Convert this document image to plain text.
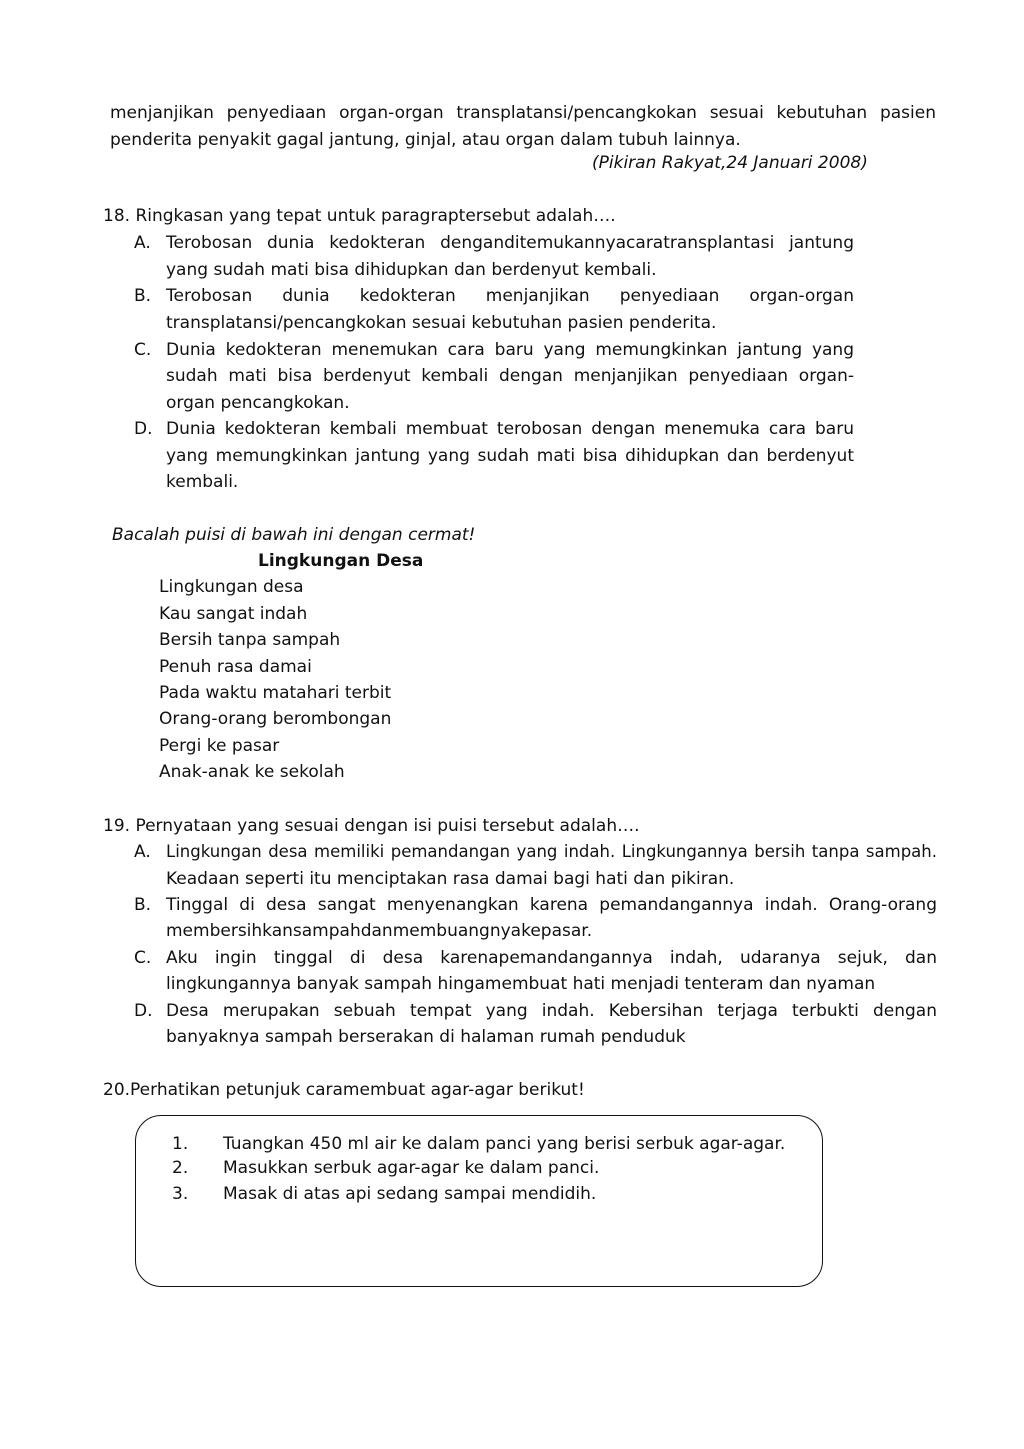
menjanjikan penyediaan organ-organ transplatansi/pencangkokan sesuai kebutuhan pasien
penderita penyakit gagal jantung, ginjal, atau organ dalam tubuh lainnya.
(Pikiran Rakyat,24 Januari 2008)
18. Ringkasan yang tepat untuk paragraptersebut adalah….
A. Terobosan dunia kedokteran denganditemukannyacaratransplantasi jantung
yang sudah mati bisa dihidupkan dan berdenyut kembali.
B. Terobosan dunia kedokteran menjanjikan penyediaan organ-organ
transplatansi/pencangkokan sesuai kebutuhan pasien penderita.
C. Dunia kedokteran menemukan cara baru yang memungkinkan jantung yang
sudah mati bisa berdenyut kembali dengan menjanjikan penyediaan organ-
organ pencangkokan.
D. Dunia kedokteran kembali membuat terobosan dengan menemuka cara baru
yang memungkinkan jantung yang sudah mati bisa dihidupkan dan berdenyut
kembali.
Bacalah puisi di bawah ini dengan cermat!
Lingkungan Desa
Lingkungan desa
Kau sangat indah
Bersih tanpa sampah
Penuh rasa damai
Pada waktu matahari terbit
Orang-orang berombongan
Pergi ke pasar
Anak-anak ke sekolah
19. Pernyataan yang sesuai dengan isi puisi tersebut adalah….
A. Lingkungan desa memiliki pemandangan yang indah. Lingkungannya bersih tanpa sampah.
Keadaan seperti itu menciptakan rasa damai bagi hati dan pikiran.
B. Tinggal di desa sangat menyenangkan karena pemandangannya indah. Orang-orang
membersihkansampahdanmembuangnyakepasar.
C. Aku ingin tinggal di desa karenapemandangannya indah, udaranya sejuk, dan
lingkungannya banyak sampah hingamembuat hati menjadi tenteram dan nyaman
D. Desa merupakan sebuah tempat yang indah. Kebersihan terjaga terbukti dengan
banyaknya sampah berserakan di halaman rumah penduduk
20.Perhatikan petunjuk caramembuat agar-agar berikut!
1. Tuangkan 450 ml air ke dalam panci yang berisi serbuk agar-agar.
2. Masukkan serbuk agar-agar ke dalam panci.
3. Masak di atas api sedang sampai mendidih.
